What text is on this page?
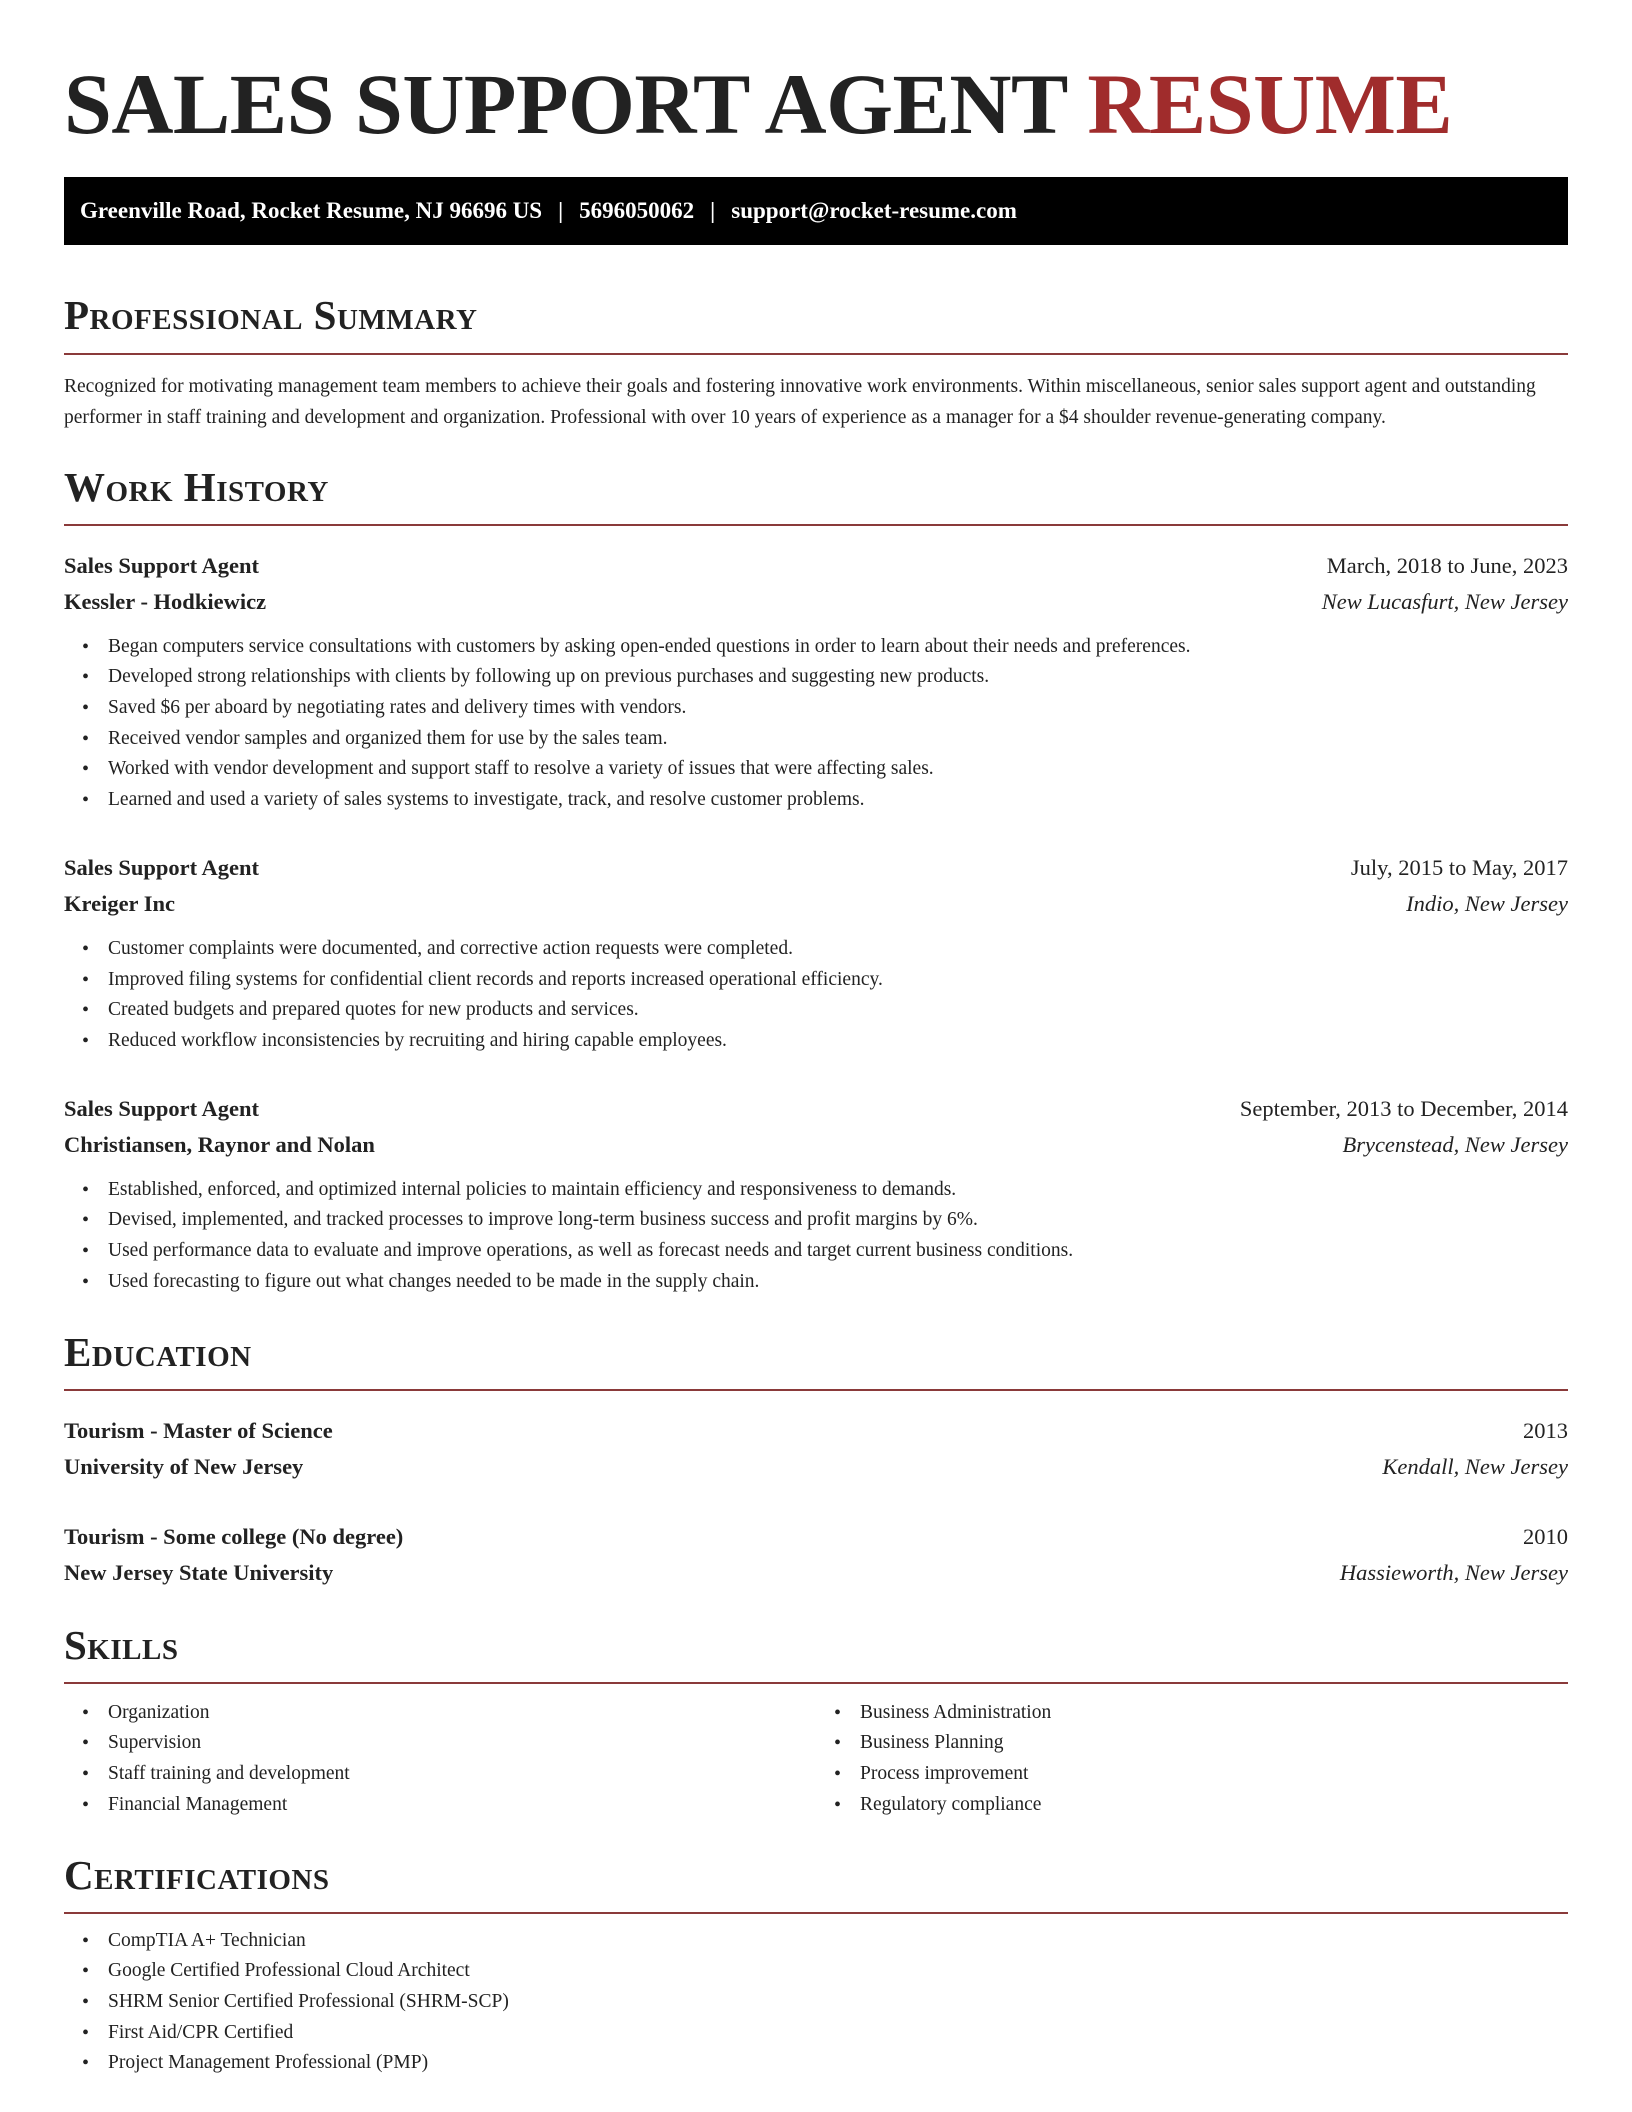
SALES SUPPORT AGENT RESUME
Greenville Road, Rocket Resume, NJ 96696 US | 5696050062 | support@rocket-resume.com
Professional Summary

Recognized for motivating management team members to achieve their goals and fostering innovative work environments. Within miscellaneous, senior sales support agent and outstanding performer in staff training and development and organization. Professional with over 10 years of experience as a manager for a $4 shoulder revenue-generating company.

Work History
Sales Support Agent	March, 2018 to June, 2023
Kessler - Hodkiewicz	New Lucasfurt, New Jersey
• Began computers service consultations with customers by asking open-ended questions in order to learn about their needs and preferences.
• Developed strong relationships with clients by following up on previous purchases and suggesting new products.
• Saved $6 per aboard by negotiating rates and delivery times with vendors.
• Received vendor samples and organized them for use by the sales team.
• Worked with vendor development and support staff to resolve a variety of issues that were affecting sales.
• Learned and used a variety of sales systems to investigate, track, and resolve customer problems.
Sales Support Agent	July, 2015 to May, 2017
Kreiger Inc	Indio, New Jersey
• Customer complaints were documented, and corrective action requests were completed.
• Improved filing systems for confidential client records and reports increased operational efficiency.
• Created budgets and prepared quotes for new products and services.
• Reduced workflow inconsistencies by recruiting and hiring capable employees.
Sales Support Agent	September, 2013 to December, 2014
Christiansen, Raynor and Nolan	Brycenstead, New Jersey
• Established, enforced, and optimized internal policies to maintain efficiency and responsiveness to demands.
• Devised, implemented, and tracked processes to improve long-term business success and profit margins by 6%.
• Used performance data to evaluate and improve operations, as well as forecast needs and target current business conditions.
• Used forecasting to figure out what changes needed to be made in the supply chain.
Education
Tourism - Master of Science	2013
University of New Jersey	Kendall, New Jersey
Tourism - Some college (No degree)	2010
New Jersey State University	Hassieworth, New Jersey
Skills
• Organization
• Supervision
• Staff training and development
• Financial Management
• Business Administration
• Business Planning
• Process improvement
• Regulatory compliance
Certifications
• CompTIA A+ Technician
• Google Certified Professional Cloud Architect
• SHRM Senior Certified Professional (SHRM-SCP)
• First Aid/CPR Certified
• Project Management Professional (PMP)
